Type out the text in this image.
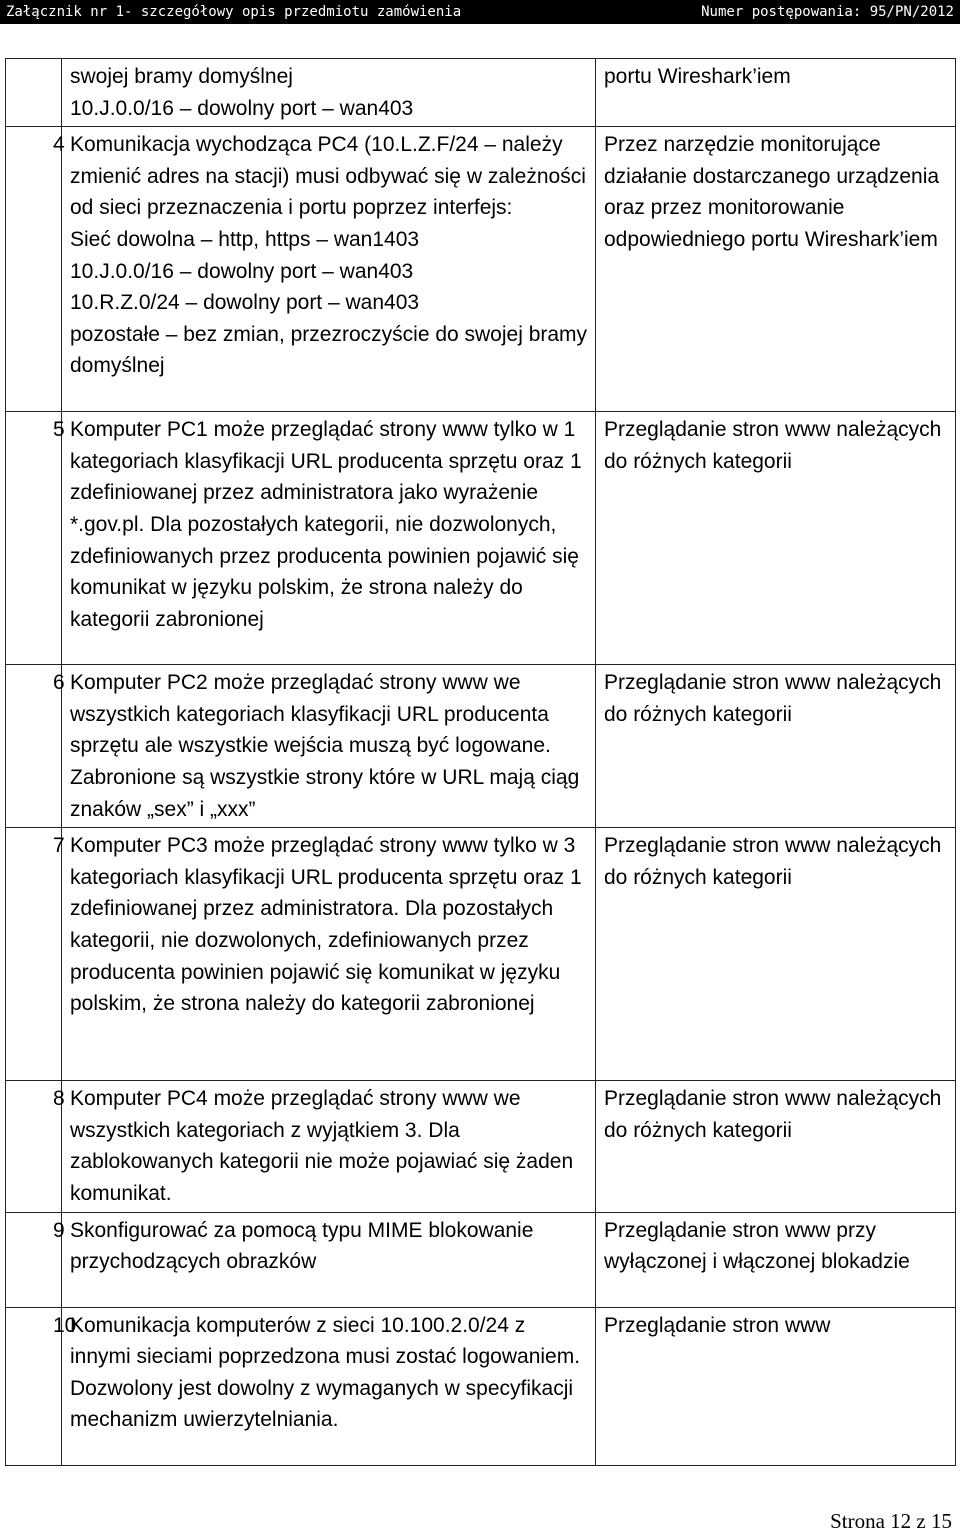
Załącznik nr 1- szczegółowy opis przedmiotu zamówienia	Numer postępowania: 95/PN/2012
	swojej bramy domyślnej
10.J.0.0/16 – dowolny port – wan403	portu Wireshark’iem
4	Komunikacja wychodząca PC4 (10.L.Z.F/24 – należy zmienić adres na stacji) musi odbywać się w zależności od sieci przeznaczenia i portu poprzez interfejs:
Sieć dowolna – http, https – wan1403
10.J.0.0/16 – dowolny port – wan403
10.R.Z.0/24 – dowolny port – wan403
pozostałe – bez zmian, przezroczyście do swojej bramy domyślnej	Przez narzędzie monitorujące działanie dostarczanego urządzenia oraz przez monitorowanie odpowiedniego portu Wireshark’iem
5	Komputer PC1 może przeglądać strony www tylko w 1 kategoriach klasyfikacji URL producenta sprzętu oraz 1 zdefiniowanej przez administratora jako wyrażenie *.gov.pl. Dla pozostałych kategorii, nie dozwolonych, zdefiniowanych przez producenta powinien pojawić się komunikat w języku polskim, że strona należy do kategorii zabronionej	Przeglądanie stron www należących do różnych kategorii
6	Komputer PC2 może przeglądać strony www we wszystkich kategoriach klasyfikacji URL producenta sprzętu ale wszystkie wejścia muszą być logowane. Zabronione są wszystkie strony które w URL mają ciąg znaków „sex” i „xxx”	Przeglądanie stron www należących do różnych kategorii
7	Komputer PC3 może przeglądać strony www tylko w 3 kategoriach klasyfikacji URL producenta sprzętu oraz 1 zdefiniowanej przez administratora. Dla pozostałych kategorii, nie dozwolonych, zdefiniowanych przez producenta powinien pojawić się komunikat w języku polskim, że strona należy do kategorii zabronionej	Przeglądanie stron www należących do różnych kategorii
8	Komputer PC4 może przeglądać strony www we wszystkich kategoriach z wyjątkiem 3. Dla zablokowanych kategorii nie może pojawiać się żaden komunikat.	Przeglądanie stron www należących do różnych kategorii
9	Skonfigurować za pomocą typu MIME blokowanie przychodzących obrazków	Przeglądanie stron www przy wyłączonej i włączonej blokadzie
10	Komunikacja komputerów z sieci 10.100.2.0/24 z innymi sieciami poprzedzona musi zostać logowaniem. Dozwolony jest dowolny z wymaganych w specyfikacji mechanizm uwierzytelniania.	Przeglądanie stron www
Strona 12 z 15
